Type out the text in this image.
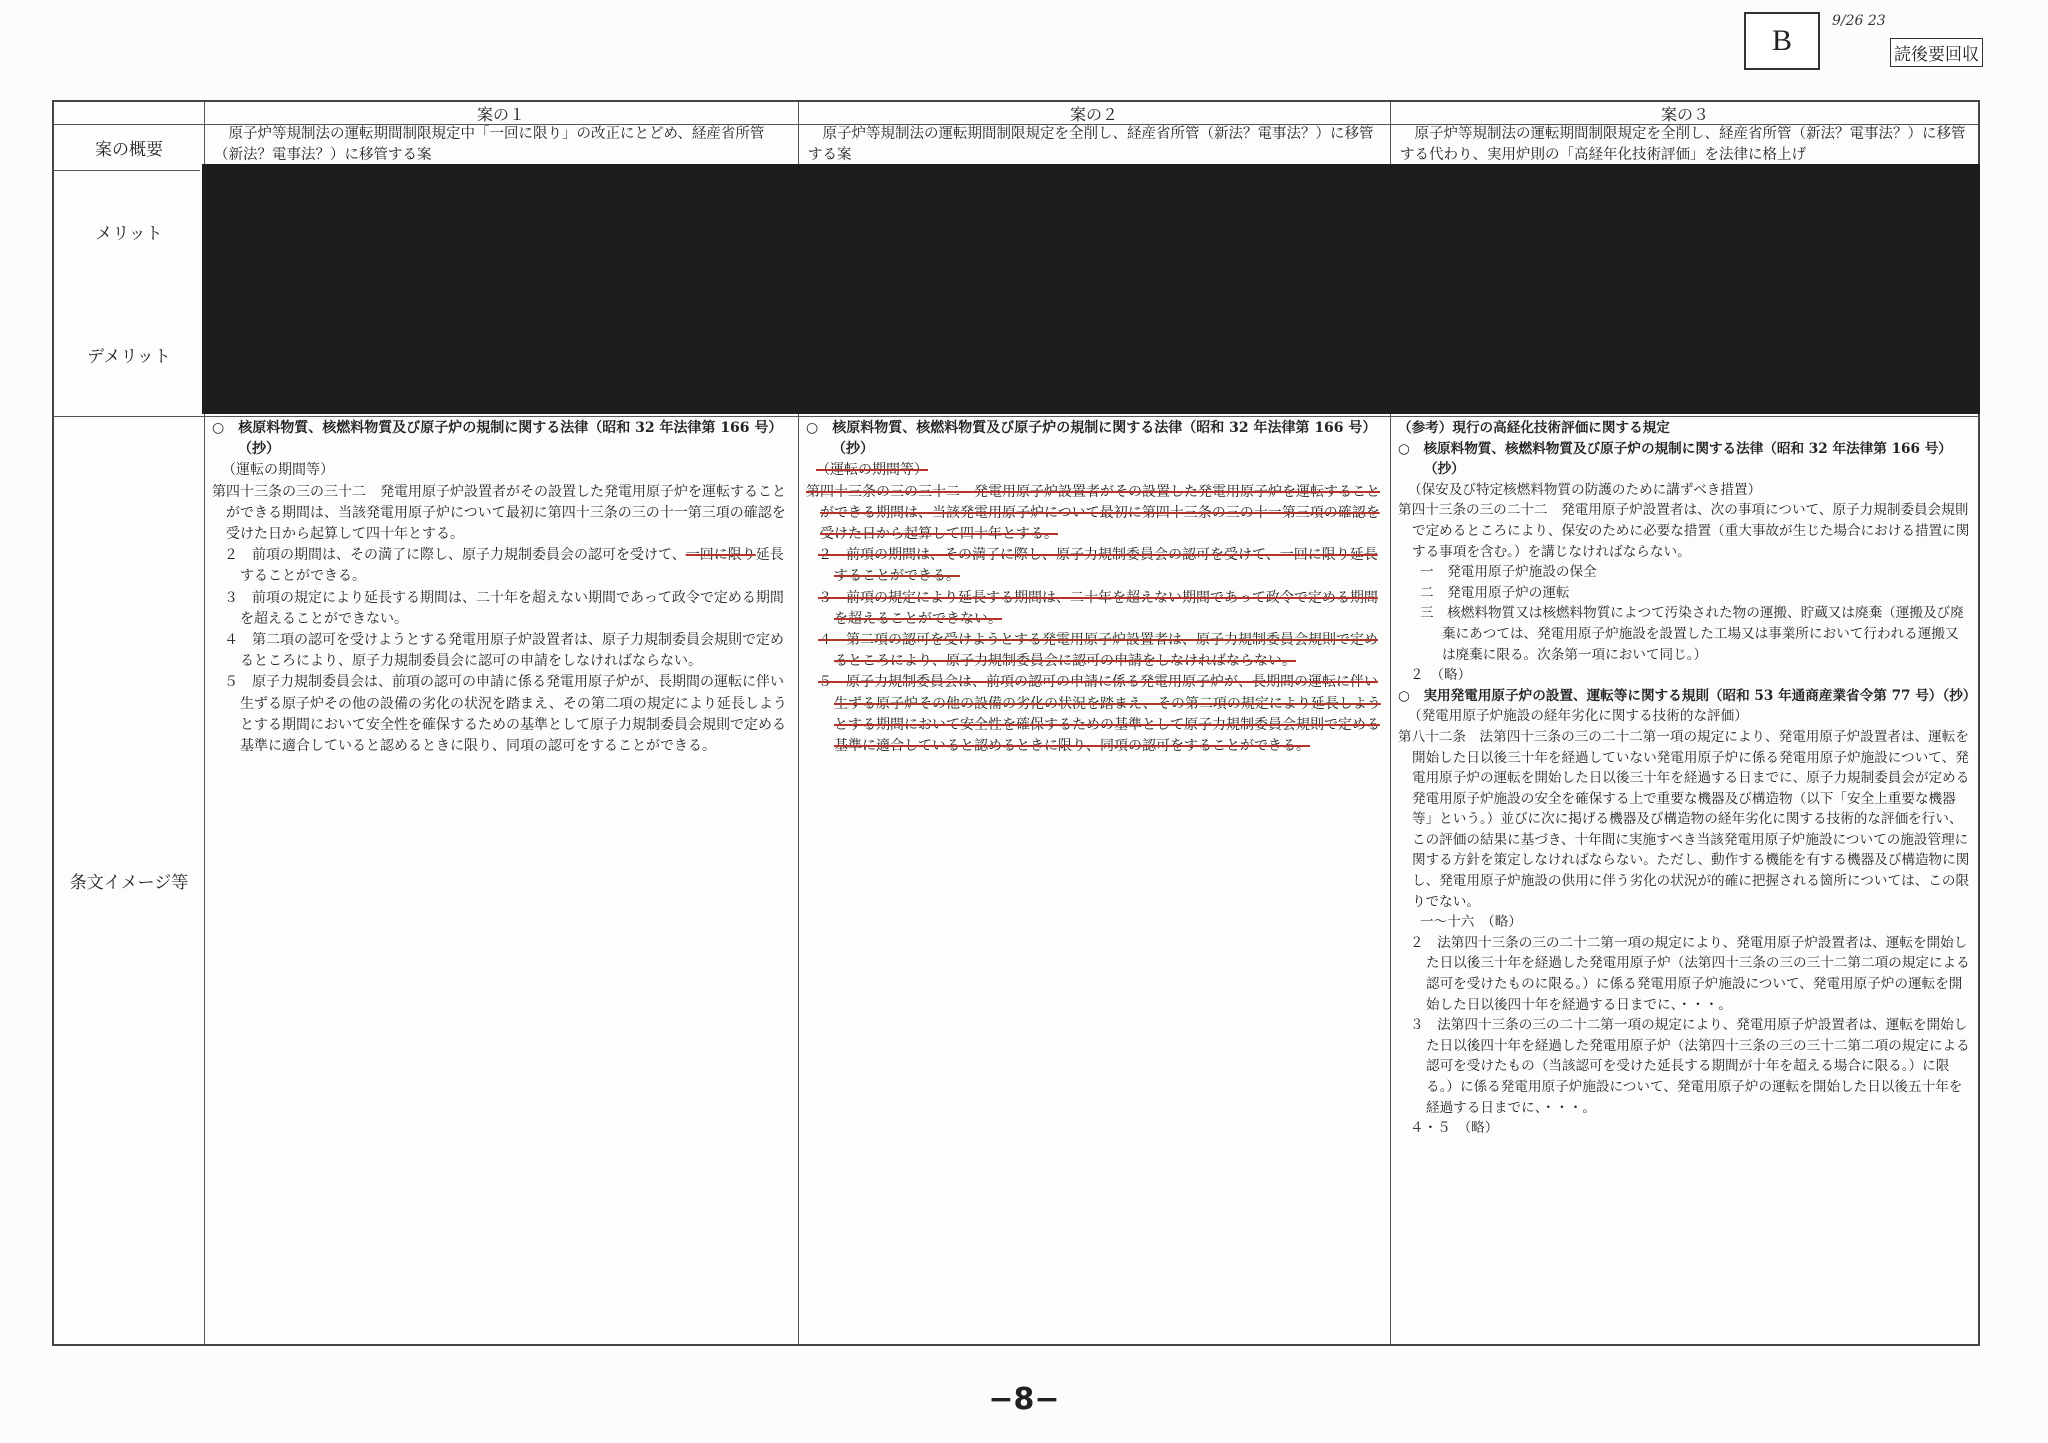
B
9/26 23
読後要回収
案の１	案の２	案の３
案の概要
メリット
デメリット
条文イメージ等
原子炉等規制法の運転期間制限規定中「一回に限り」の改正にとどめ、経産省所管（新法？電事法？）に移管する案
原子炉等規制法の運転期間制限規定を全削し、経産省所管（新法？電事法？）に移管する案
原子炉等規制法の運転期間制限規定を全削し、経産省所管（新法？電事法？）に移管する代わり、実用炉則の「高経年化技術評価」を法律に格上げ

○　核原料物質、核燃料物質及び原子炉の規制に関する法律（昭和 32 年法律第 166 号）（抄）

（運転の期間等）

第四十三条の三の三十二　発電用原子炉設置者がその設置した発電用原子炉を運転することができる期間は、当該発電用原子炉について最初に第四十三条の三の十一第三項の確認を受けた日から起算して四十年とする。

２　前項の期間は、その満了に際し、原子力規制委員会の認可を受けて、一回に限り延長することができる。

３　前項の規定により延長する期間は、二十年を超えない期間であって政令で定める期間を超えることができない。

４　第二項の認可を受けようとする発電用原子炉設置者は、原子力規制委員会規則で定めるところにより、原子力規制委員会に認可の申請をしなければならない。

５　原子力規制委員会は、前項の認可の申請に係る発電用原子炉が、長期間の運転に伴い生ずる原子炉その他の設備の劣化の状況を踏まえ、その第二項の規定により延長しようとする期間において安全性を確保するための基準として原子力規制委員会規則で定める基準に適合していると認めるときに限り、同項の認可をすることができる。

○　核原料物質、核燃料物質及び原子炉の規制に関する法律（昭和 32 年法律第 166 号）（抄）

（運転の期間等）

第四十三条の三の三十二　発電用原子炉設置者がその設置した発電用原子炉を運転することができる期間は、当該発電用原子炉について最初に第四十三条の三の十一第三項の確認を受けた日から起算して四十年とする。

２　前項の期間は、その満了に際し、原子力規制委員会の認可を受けて、一回に限り延長することができる。

３　前項の規定により延長する期間は、二十年を超えない期間であって政令で定める期間を超えることができない。

４　第二項の認可を受けようとする発電用原子炉設置者は、原子力規制委員会規則で定めるところにより、原子力規制委員会に認可の申請をしなければならない。

５　原子力規制委員会は、前項の認可の申請に係る発電用原子炉が、長期間の運転に伴い生ずる原子炉その他の設備の劣化の状況を踏まえ、その第二項の規定により延長しようとする期間において安全性を確保するための基準として原子力規制委員会規則で定める基準に適合していると認めるときに限り、同項の認可をすることができる。

（参考）現行の高経化技術評価に関する規定

○　核原料物質、核燃料物質及び原子炉の規制に関する法律（昭和 32 年法律第 166 号）（抄）

（保安及び特定核燃料物質の防護のために講ずべき措置）

第四十三条の三の二十二　発電用原子炉設置者は、次の事項について、原子力規制委員会規則で定めるところにより、保安のために必要な措置（重大事故が生じた場合における措置に関する事項を含む。）を講じなければならない。

一　発電用原子炉施設の保全

二　発電用原子炉の運転

三　核燃料物質又は核燃料物質によつて汚染された物の運搬、貯蔵又は廃棄（運搬及び廃棄にあつては、発電用原子炉施設を設置した工場又は事業所において行われる運搬又は廃棄に限る。次条第一項において同じ。）

２　（略）

○　実用発電用原子炉の設置、運転等に関する規則（昭和 53 年通商産業省令第 77 号）（抄）

（発電用原子炉施設の経年劣化に関する技術的な評価）

第八十二条　法第四十三条の三の二十二第一項の規定により、発電用原子炉設置者は、運転を開始した日以後三十年を経過していない発電用原子炉に係る発電用原子炉施設について、発電用原子炉の運転を開始した日以後三十年を経過する日までに、原子力規制委員会が定める発電用原子炉施設の安全を確保する上で重要な機器及び構造物（以下「安全上重要な機器等」という。）並びに次に掲げる機器及び構造物の経年劣化に関する技術的な評価を行い、この評価の結果に基づき、十年間に実施すべき当該発電用原子炉施設についての施設管理に関する方針を策定しなければならない。ただし、動作する機能を有する機器及び構造物に関し、発電用原子炉施設の供用に伴う劣化の状況が的確に把握される箇所については、この限りでない。

一～十六　（略）

２　法第四十三条の三の二十二第一項の規定により、発電用原子炉設置者は、運転を開始した日以後三十年を経過した発電用原子炉（法第四十三条の三の三十二第二項の規定による認可を受けたものに限る。）に係る発電用原子炉施設について、発電用原子炉の運転を開始した日以後四十年を経過する日までに、・・・。

３　法第四十三条の三の二十二第一項の規定により、発電用原子炉設置者は、運転を開始した日以後四十年を経過した発電用原子炉（法第四十三条の三の三十二第二項の規定による認可を受けたもの（当該認可を受けた延長する期間が十年を超える場合に限る。）に限る。）に係る発電用原子炉施設について、発電用原子炉の運転を開始した日以後五十年を経過する日までに、・・・。

４・５　（略）

−8−
